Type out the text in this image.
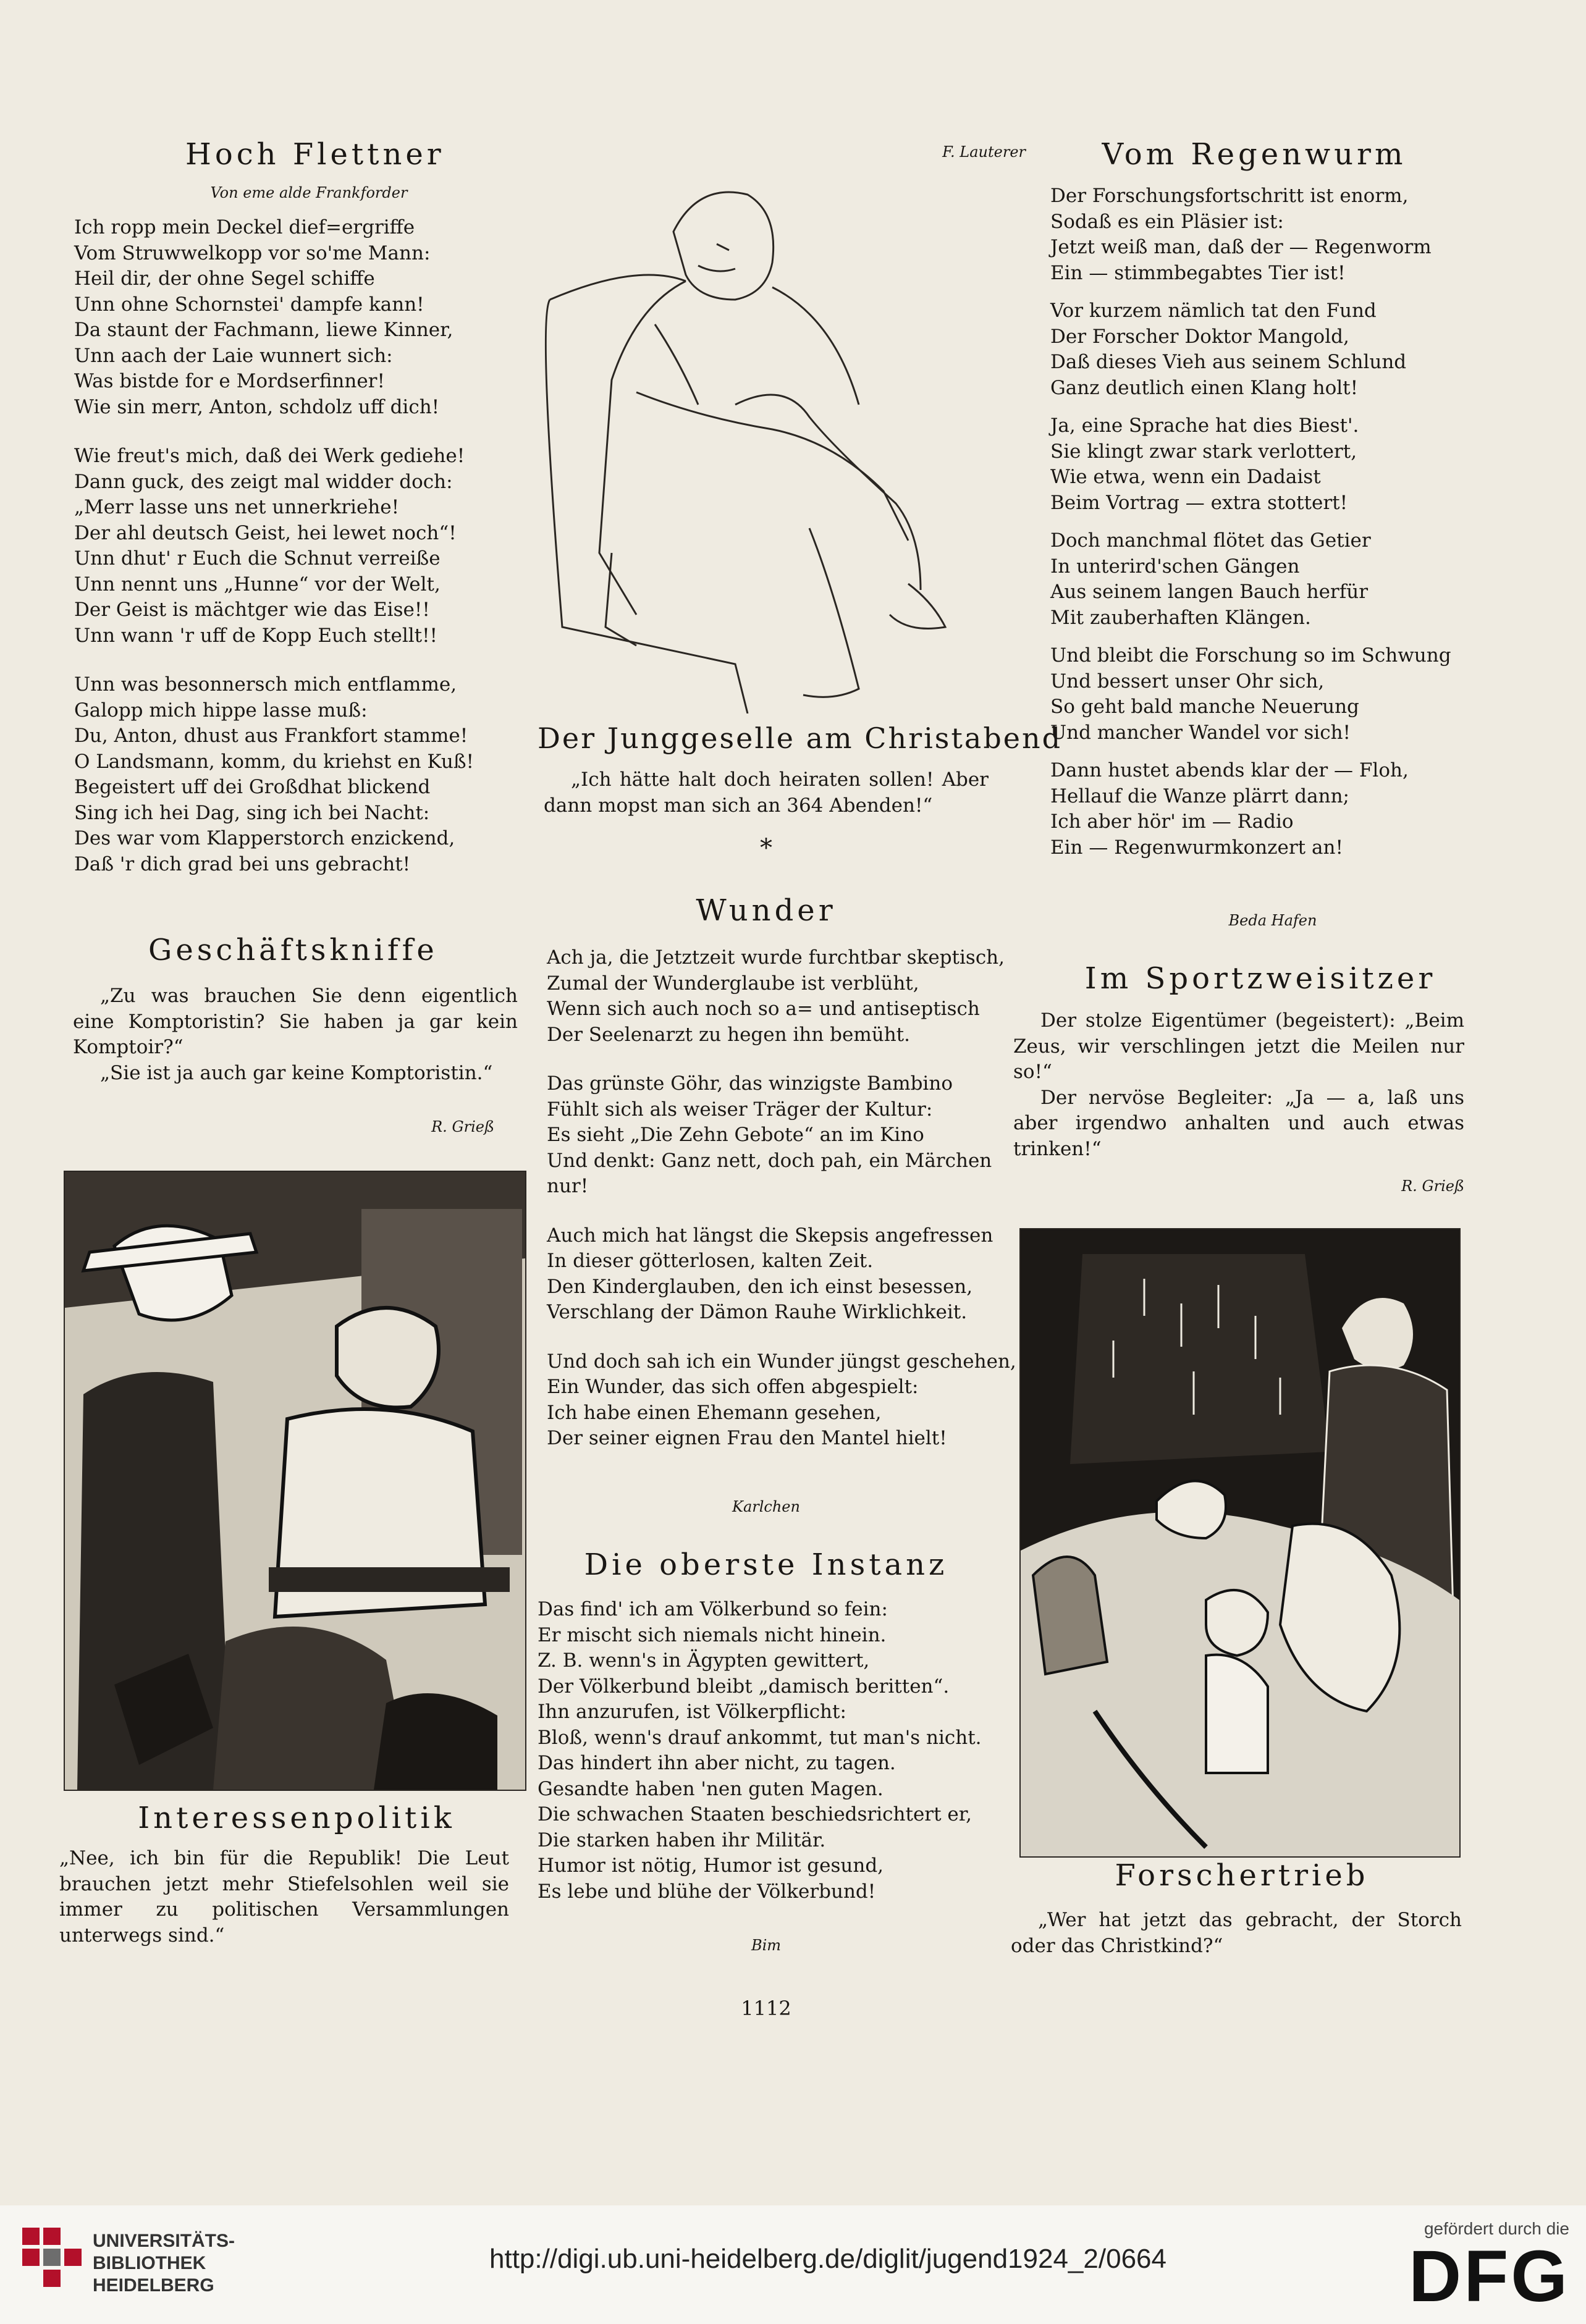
Hoch Flettner
Von eme alde Frankforder
Ich ropp mein Deckel dief=ergriffe
Vom Struwwelkopp vor so'me Mann:
Heil dir, der ohne Segel schiffe
Unn ohne Schornstei' dampfe kann!
Da staunt der Fachmann, liewe Kinner,
Unn aach der Laie wunnert sich:
Was bistde for e Mordserfinner!
Wie sin merr, Anton, schdolz uff dich!
Wie freut's mich, daß dei Werk gediehe!
Dann guck, des zeigt mal widder doch:
„Merr lasse uns net unnerkriehe!
Der ahl deutsch Geist, hei lewet noch“!
Unn dhut' r Euch die Schnut verreiße
Unn nennt uns „Hunne“ vor der Welt,
Der Geist is mächtger wie das Eise!!
Unn wann 'r uff de Kopp Euch stellt!!
Unn was besonnersch mich entflamme,
Galopp mich hippe lasse muß:
Du, Anton, dhust aus Frankfort stamme!
O Landsmann, komm, du kriehst en Kuß!
Begeistert uff dei Großdhat blickend
Sing ich hei Dag, sing ich bei Nacht:
Des war vom Klapperstorch enzickend,
Daß 'r dich grad bei uns gebracht!
Geschäftskniffe

„Zu was brauchen Sie denn eigentlich eine Komptoristin? Sie haben ja gar kein Komptoir?“

„Sie ist ja auch gar keine Komptoristin.“

R. Grieß
Interessenpolitik

„Nee, ich bin für die Republik! Die Leut brauchen jetzt mehr Stiefelsohlen weil sie immer zu politischen Versammlungen unterwegs sind.“

F. Lauterer
Der Junggeselle am Christabend

„Ich hätte halt doch heiraten sollen! Aber dann mopst man sich an 364 Abenden!“

*
Wunder
Ach ja, die Jetztzeit wurde furchtbar skeptisch,
Zumal der Wunderglaube ist verblüht,
Wenn sich auch noch so a= und antiseptisch
Der Seelenarzt zu hegen ihn bemüht.
Das grünste Göhr, das winzigste Bambino
Fühlt sich als weiser Träger der Kultur:
Es sieht „Die Zehn Gebote“ an im Kino
Und denkt: Ganz nett, doch pah, ein Märchen
nur!
Auch mich hat längst die Skepsis angefressen
In dieser götterlosen, kalten Zeit.
Den Kinderglauben, den ich einst besessen,
Verschlang der Dämon Rauhe Wirklichkeit.
Und doch sah ich ein Wunder jüngst geschehen,
Ein Wunder, das sich offen abgespielt:
Ich habe einen Ehemann gesehen,
Der seiner eignen Frau den Mantel hielt!
Karlchen
Die oberste Instanz
Das find' ich am Völkerbund so fein:
Er mischt sich niemals nicht hinein.
Z. B. wenn's in Ägypten gewittert,
Der Völkerbund bleibt „damisch beritten“.
Ihn anzurufen, ist Völkerpflicht:
Bloß, wenn's drauf ankommt, tut man's nicht.
Das hindert ihn aber nicht, zu tagen.
Gesandte haben 'nen guten Magen.
Die schwachen Staaten beschiedsrichtert er,
Die starken haben ihr Militär.
Humor ist nötig, Humor ist gesund,
Es lebe und blühe der Völkerbund!
Bim
1112
Vom Regenwurm
Der Forschungsfortschritt ist enorm,
Sodaß es ein Pläsier ist:
Jetzt weiß man, daß der — Regenworm
Ein — stimmbegabtes Tier ist!
Vor kurzem nämlich tat den Fund
Der Forscher Doktor Mangold,
Daß dieses Vieh aus seinem Schlund
Ganz deutlich einen Klang holt!
Ja, eine Sprache hat dies Biest'.
Sie klingt zwar stark verlottert,
Wie etwa, wenn ein Dadaist
Beim Vortrag — extra stottert!
Doch manchmal flötet das Getier
In unterird'schen Gängen
Aus seinem langen Bauch herfür
Mit zauberhaften Klängen.
Und bleibt die Forschung so im Schwung
Und bessert unser Ohr sich,
So geht bald manche Neuerung
Und mancher Wandel vor sich!
Dann hustet abends klar der — Floh,
Hellauf die Wanze plärrt dann;
Ich aber hör' im — Radio
Ein — Regenwurmkonzert an!
Beda Hafen
Im Sportzweisitzer

Der stolze Eigentümer (begeistert): „Beim Zeus, wir verschlingen jetzt die Meilen nur so!“

Der nervöse Begleiter: „Ja — a, laß uns aber irgendwo anhalten und auch etwas trinken!“

R. Grieß
Forschertrieb

„Wer hat jetzt das gebracht, der Storch oder das Christkind?“

UNIVERSITÄTS-
BIBLIOTHEK
HEIDELBERG
http://digi.ub.uni-heidelberg.de/diglit/jugend1924_2/0664
gefördert durch die
DFG
